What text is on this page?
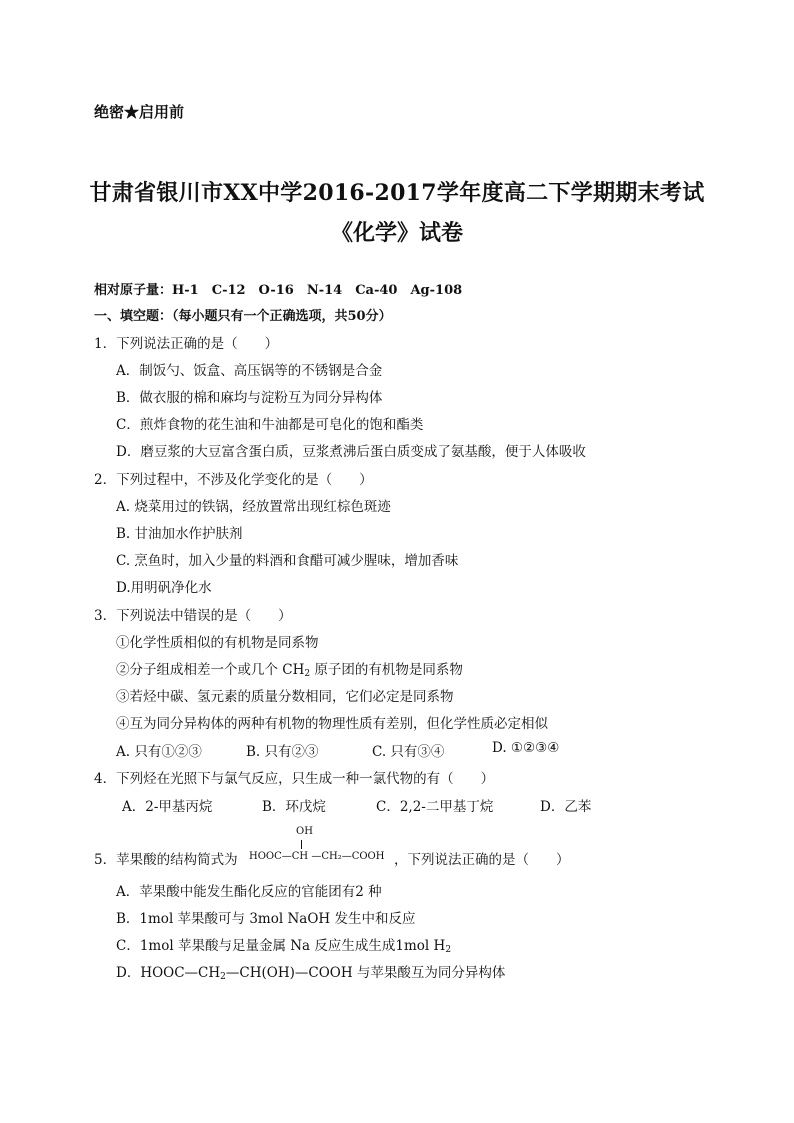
绝密★启用前
甘肃省银川市XX中学2016-2017学年度高二下学期期末考试
《化学》试卷
相对原子量：H-1　C-12　O-16　N-14　Ca-40　Ag-108
一、填空题：（每小题只有一个正确选项，共50分）
1．下列说法正确的是（　　）
A．制饭勺、饭盒、高压锅等的不锈钢是合金
B．做衣服的棉和麻均与淀粉互为同分异构体
C．煎炸食物的花生油和牛油都是可皂化的饱和酯类
D．磨豆浆的大豆富含蛋白质，豆浆煮沸后蛋白质变成了氨基酸，便于人体吸收
2．下列过程中，不涉及化学变化的是（　　）
A. 烧菜用过的铁锅，经放置常出现红棕色斑迹
B. 甘油加水作护肤剂
C. 烹鱼时，加入少量的料酒和食醋可减少腥味，增加香味
D.用明矾净化水
3．下列说法中错误的是（　　）
①化学性质相似的有机物是同系物
②分子组成相差一个或几个 $CH_2$ 原子团的有机物是同系物
③若烃中碳、氢元素的质量分数相同，它们必定是同系物
④互为同分异构体的两种有机物的物理性质有差别，但化学性质必定相似
A. 只有①②③	B. 只有②③	C. 只有③④	D. ①②③④
4．下列烃在光照下与氯气反应，只生成一种一氯代物的有（　　）
A．2-甲基丙烷	B．环戊烷	C．2,2-二甲基丁烷	D．乙苯
OH
5．苹果酸的结构简式为 HOOC—CH —CH₂—COOH ，下列说法正确的是（　　）
A．苹果酸中能发生酯化反应的官能团有2 种
B．1mol 苹果酸可与 3mol NaOH 发生中和反应
C．1mol 苹果酸与足量金属 Na 反应生成生成1mol $H_2$
D．$HOOC—CH_2—CH(OH)—COOH$ 与苹果酸互为同分异构体
